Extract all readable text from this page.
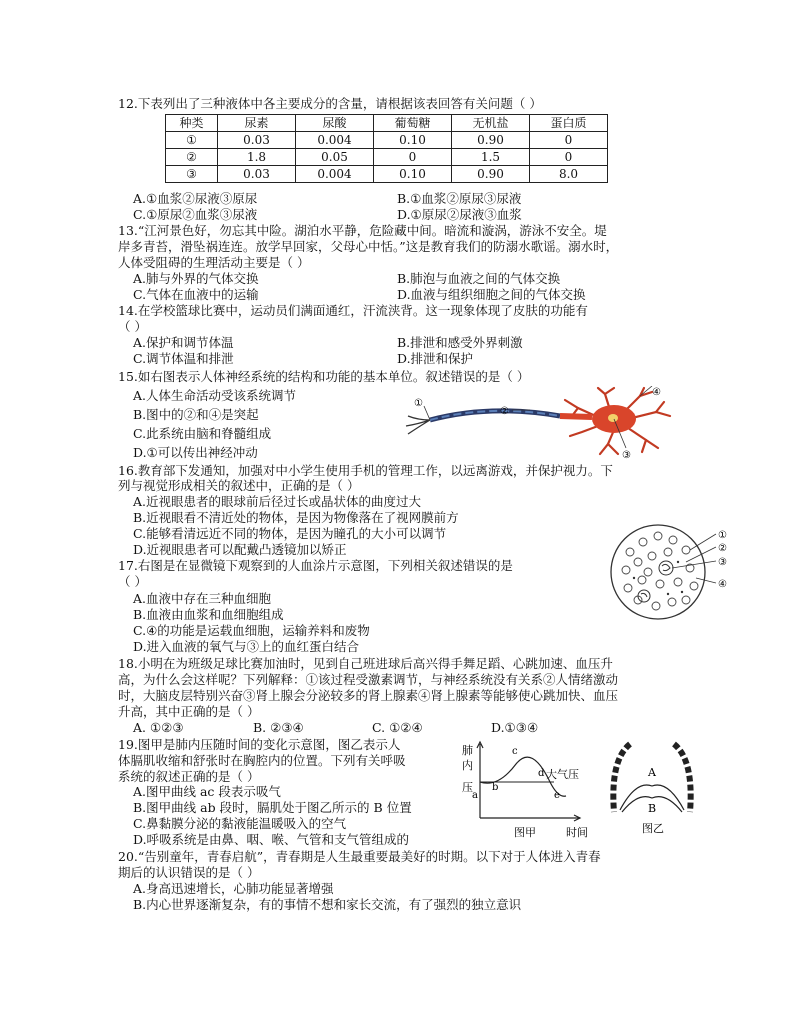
12.下表列出了三种液体中各主要成分的含量，请根据该表回答有关问题（ ）
种类	尿素	尿酸	葡萄糖	无机盐	蛋白质
①	0.03	0.004	0.10	0.90	0
②	1.8	0.05	0	1.5	0
③	0.03	0.004	0.10	0.90	8.0
A.①血浆②尿液③原尿	B.①血浆②原尿③尿液
C.①原尿②血浆③尿液	D.①原尿②尿液③血浆
13.“江河景色好，勿忘其中险。湖泊水平静，危险藏中间。暗流和漩涡，游泳不安全。堤
岸多青苔，滑坠祸连连。放学早回家，父母心中恬。”这是教育我们的防溺水歌谣。溺水时，
人体受阻碍的生理活动主要是（ ）
A.肺与外界的气体交换	B.肺泡与血液之间的气体交换
C.气体在血液中的运输	D.血液与组织细胞之间的气体交换
14.在学校篮球比赛中，运动员们满面通红，汗流浃背。这一现象体现了皮肤的功能有
（ ）
A.保护和调节体温	B.排泄和感受外界刺激
C.调节体温和排泄	D.排泄和保护
15.如右图表示人体神经系统的结构和功能的基本单位。叙述错误的是（ ）
A.人体生命活动受该系统调节
B.图中的②和④是突起
C.此系统由脑和脊髓组成
D.①可以传出神经冲动
①
②
③
④
16.教育部下发通知，加强对中小学生使用手机的管理工作，以远离游戏，并保护视力。下
列与视觉形成相关的叙述中，正确的是（ ）
A.近视眼患者的眼球前后径过长或晶状体的曲度过大
B.近视眼看不清近处的物体，是因为物像落在了视网膜前方
C.能够看清远近不同的物体，是因为瞳孔的大小可以调节
D.近视眼患者可以配戴凸透镜加以矫正
17.右图是在显微镜下观察到的人血涂片示意图，下列相关叙述错误的是
（ ）
A.血液中存在三种血细胞
B.血液由血浆和血细胞组成
C.④的功能是运载血细胞，运输养料和废物
D.进入血液的氧气与③上的血红蛋白结合
①
②
③
④
18.小明在为班级足球比赛加油时，见到自己班进球后高兴得手舞足蹈、心跳加速、血压升
高，为什么会这样呢？下列解释：①该过程受激素调节，与神经系统没有关系②人情绪激动
时，大脑皮层特别兴奋③肾上腺会分泌较多的肾上腺素④肾上腺素等能够使心跳加快、血压
升高，其中正确的是（ ）
A. ①②③	B. ②③④	C. ①②④	D.①③④
19.图甲是肺内压随时间的变化示意图，图乙表示人
体膈肌收缩和舒张时在胸腔内的位置。下列有关呼吸
系统的叙述正确的是（ ）
A.图甲曲线 ac 段表示吸气
B.图甲曲线 ab 段时，膈肌处于图乙所示的 B 位置
C.鼻黏膜分泌的黏液能温暖吸入的空气
D.呼吸系统是由鼻、咽、喉、气管和支气管组成的
肺
内
压
a
b
c
d
e
大气压
时间
图甲
A
B
图乙
20.“告别童年，青春启航”，青春期是人生最重要最美好的时期。以下对于人体进入青春
期后的认识错误的是（ ）
A.身高迅速增长，心肺功能显著增强
B.内心世界逐渐复杂，有的事情不想和家长交流，有了强烈的独立意识
